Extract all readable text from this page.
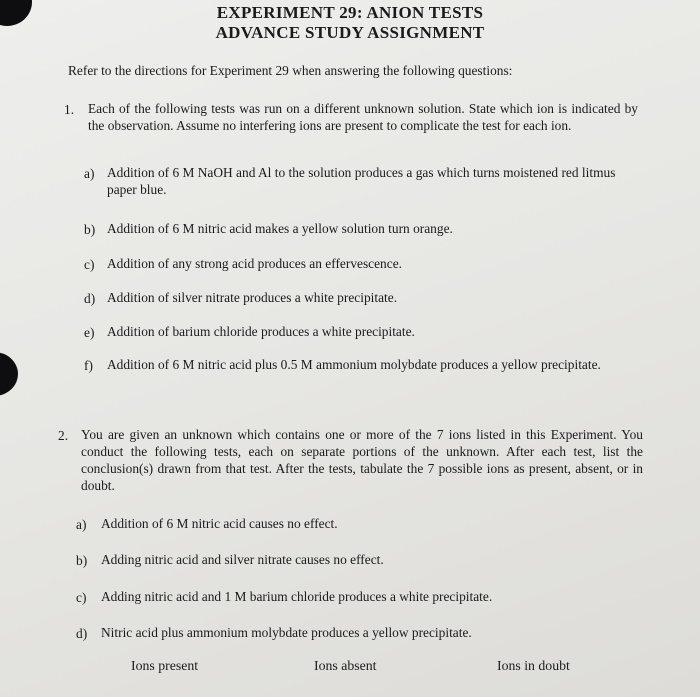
EXPERIMENT 29: ANION TESTS
ADVANCE STUDY ASSIGNMENT
Refer to the directions for Experiment 29 when answering the following questions:
1. Each of the following tests was run on a different unknown solution. State which ion is indicated by the observation. Assume no interfering ions are present to complicate the test for each ion.
a) Addition of 6 M NaOH and Al to the solution produces a gas which turns moistened red litmus paper blue.
b) Addition of 6 M nitric acid makes a yellow solution turn orange.
c) Addition of any strong acid produces an effervescence.
d) Addition of silver nitrate produces a white precipitate.
e) Addition of barium chloride produces a white precipitate.
f) Addition of 6 M nitric acid plus 0.5 M ammonium molybdate produces a yellow precipitate.
2. You are given an unknown which contains one or more of the 7 ions listed in this Experiment. You conduct the following tests, each on separate portions of the unknown. After each test, list the conclusion(s) drawn from that test. After the tests, tabulate the 7 possible ions as present, absent, or in doubt.
a) Addition of 6 M nitric acid causes no effect.
b) Adding nitric acid and silver nitrate causes no effect.
c) Adding nitric acid and 1 M barium chloride produces a white precipitate.
d) Nitric acid plus ammonium molybdate produces a yellow precipitate.
Ions present	Ions absent	Ions in doubt
